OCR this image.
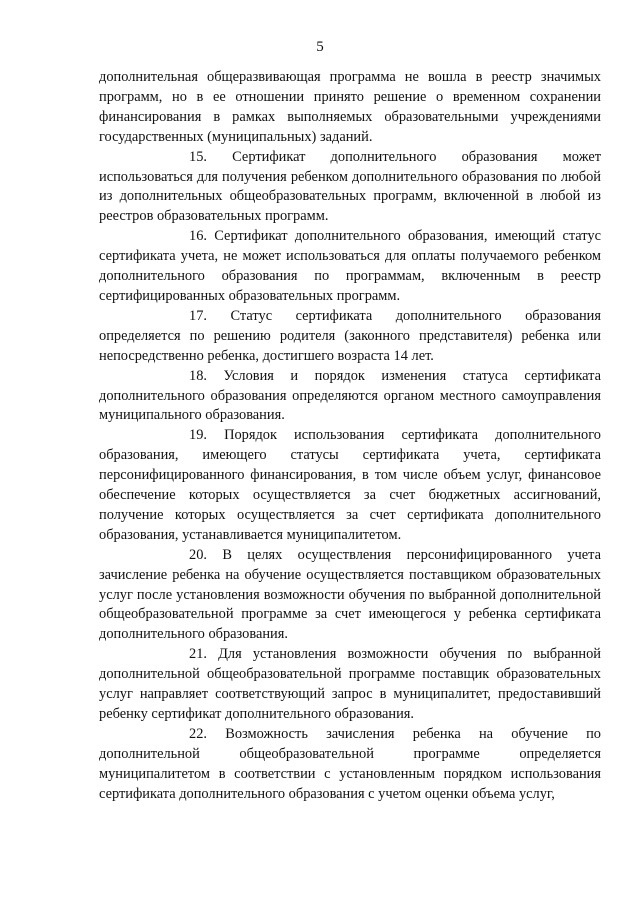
5

дополнительная общеразвивающая программа не вошла в реестр значимых программ, но в ее отношении принято решение о временном сохранении финансирования в рамках выполняемых образовательными учреждениями государственных (муниципальных) заданий.

15. Сертификат дополнительного образования может использоваться для получения ребенком дополнительного образования по любой из дополнительных общеобразовательных программ, включенной в любой из реестров образовательных программ.

16. Сертификат дополнительного образования, имеющий статус сертификата учета, не может использоваться для оплаты получаемого ребенком дополнительного образования по программам, включенным в реестр сертифицированных образовательных программ.

17. Статус сертификата дополнительного образования определяется по решению родителя (законного представителя) ребенка или непосредственно ребенка, достигшего возраста 14 лет.

18. Условия и порядок изменения статуса сертификата дополнительного образования определяются органом местного самоуправления муниципального образования.

19. Порядок использования сертификата дополнительного образования, имеющего статусы сертификата учета, сертификата персонифицированного финансирования, в том числе объем услуг, финансовое обеспечение которых осуществляется за счет бюджетных ассигнований, получение которых осуществляется за счет сертификата дополнительного образования, устанавливается муниципалитетом.

20. В целях осуществления персонифицированного учета зачисление ребенка на обучение осуществляется поставщиком образовательных услуг после установления возможности обучения по выбранной дополнительной общеобразовательной программе за счет имеющегося у ребенка сертификата дополнительного образования.

21. Для установления возможности обучения по выбранной дополнительной общеобразовательной программе поставщик образовательных услуг направляет соответствующий запрос в муниципалитет, предоставивший ребенку сертификат дополнительного образования.

22. Возможность зачисления ребенка на обучение по дополнительной общеобразовательной программе определяется муниципалитетом в соответствии с установленным порядком использования сертификата дополнительного образования с учетом оценки объема услуг,
